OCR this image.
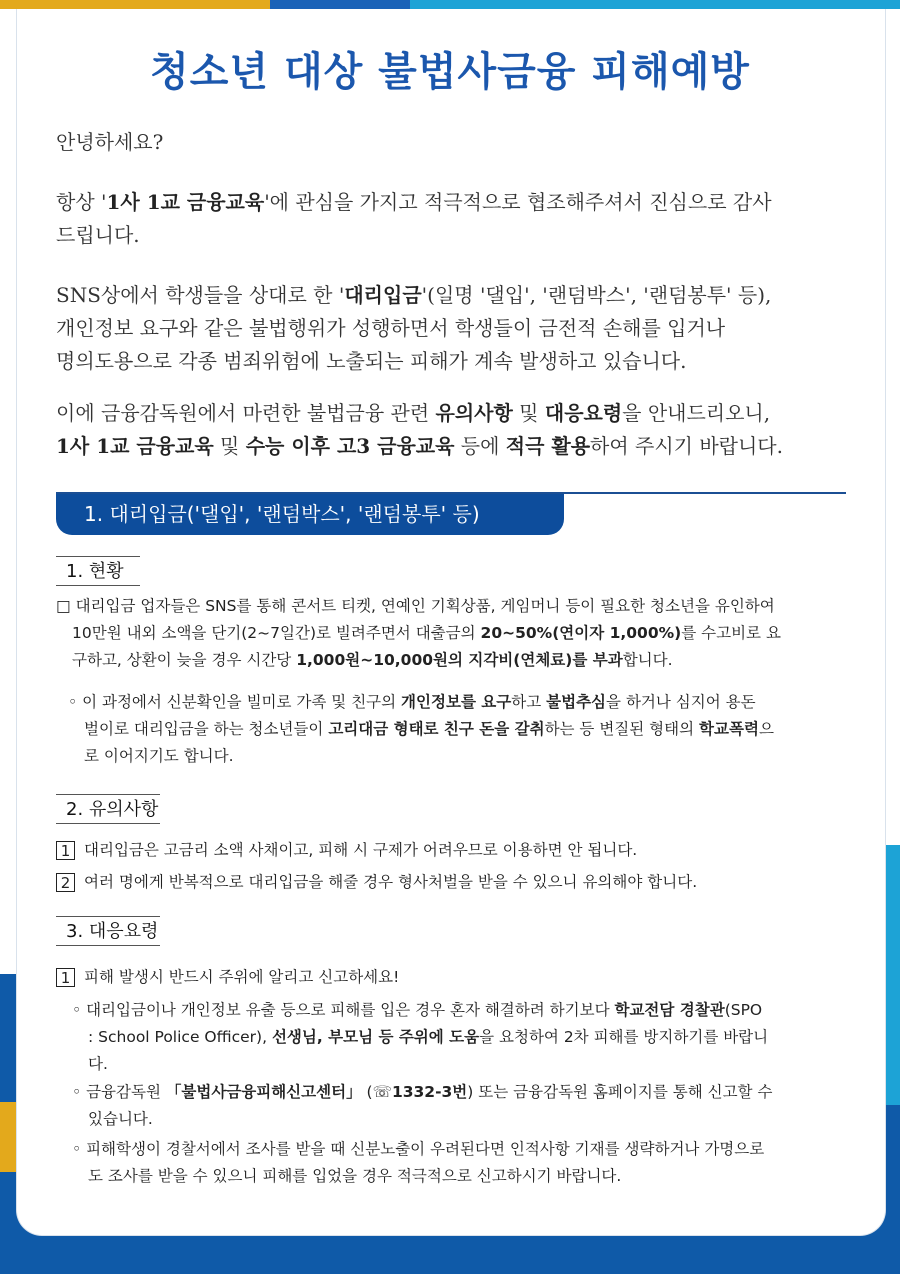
청소년 대상 불법사금융 피해예방
안녕하세요?
항상 '1사 1교 금융교육'에 관심을 가지고 적극적으로 협조해주셔서 진심으로 감사
드립니다.
SNS상에서 학생들을 상대로 한 '대리입금'(일명 '댈입', '랜덤박스', '랜덤봉투' 등),
개인정보 요구와 같은 불법행위가 성행하면서 학생들이 금전적 손해를 입거나
명의도용으로 각종 범죄위험에 노출되는 피해가 계속 발생하고 있습니다.
이에 금융감독원에서 마련한 불법금융 관련 유의사항 및 대응요령을 안내드리오니,
1사 1교 금융교육 및 수능 이후 고3 금융교육 등에 적극 활용하여 주시기 바랍니다.
1. 대리입금('댈입', '랜덤박스', '랜덤봉투' 등)
1. 현황
□ 대리입금 업자들은 SNS를 통해 콘서트 티켓, 연예인 기획상품, 게임머니 등이 필요한 청소년을 유인하여
10만원 내외 소액을 단기(2~7일간)로 빌려주면서 대출금의 20~50%(연이자 1,000%)를 수고비로 요
구하고, 상환이 늦을 경우 시간당 1,000원~10,000원의 지각비(연체료)를 부과합니다.
◦ 이 과정에서 신분확인을 빌미로 가족 및 친구의 개인정보를 요구하고 불법추심을 하거나 심지어 용돈
벌이로 대리입금을 하는 청소년들이 고리대금 형태로 친구 돈을 갈취하는 등 변질된 형태의 학교폭력으
로 이어지기도 합니다.
2. 유의사항
1 대리입금은 고금리 소액 사채이고, 피해 시 구제가 어려우므로 이용하면 안 됩니다.
2 여러 명에게 반복적으로 대리입금을 해줄 경우 형사처벌을 받을 수 있으니 유의해야 합니다.
3. 대응요령
1 피해 발생시 반드시 주위에 알리고 신고하세요!
◦ 대리입금이나 개인정보 유출 등으로 피해를 입은 경우 혼자 해결하려 하기보다 학교전담 경찰관(SPO
: School Police Officer), 선생님, 부모님 등 주위에 도움을 요청하여 2차 피해를 방지하기를 바랍니
다.
◦ 금융감독원 「불법사금융피해신고센터」 (☏1332-3번) 또는 금융감독원 홈페이지를 통해 신고할 수
있습니다.
◦ 피해학생이 경찰서에서 조사를 받을 때 신분노출이 우려된다면 인적사항 기재를 생략하거나 가명으로
도 조사를 받을 수 있으니 피해를 입었을 경우 적극적으로 신고하시기 바랍니다.
